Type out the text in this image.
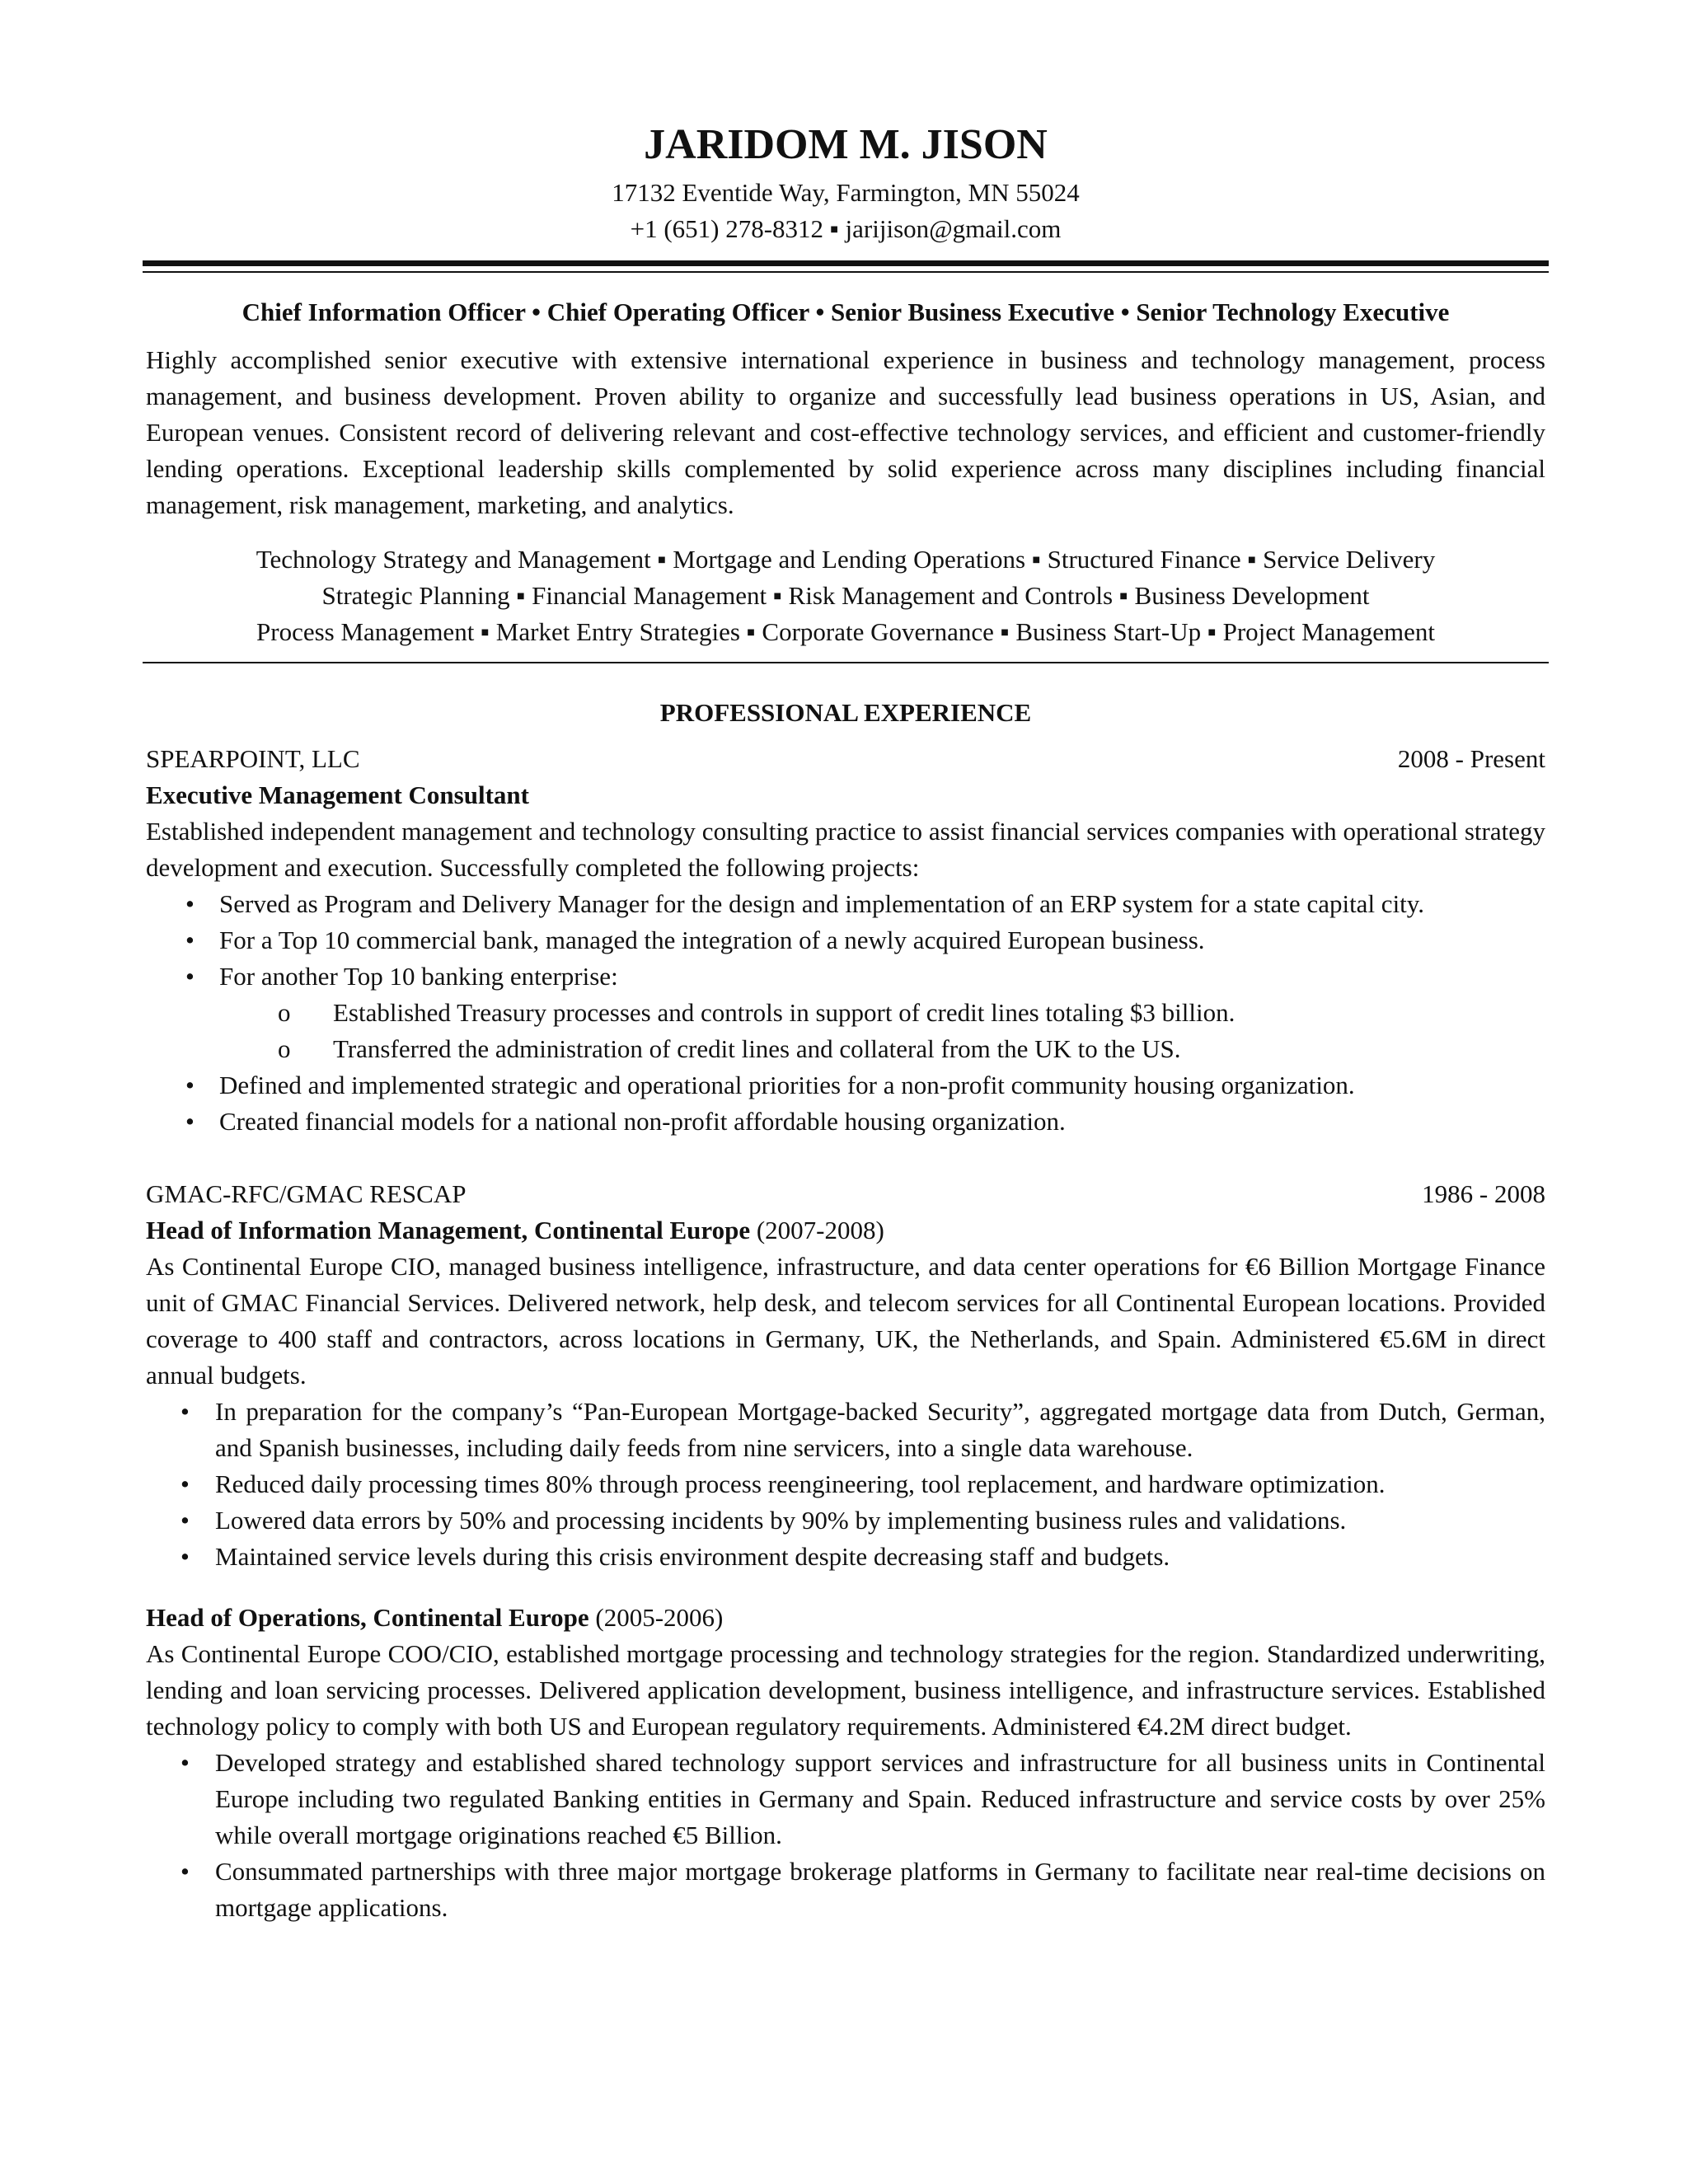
JARIDOM M. JISON
17132 Eventide Way, Farmington, MN 55024
+1 (651) 278-8312 ▪ jarijison@gmail.com
Chief Information Officer • Chief Operating Officer • Senior Business Executive • Senior Technology Executive

Highly accomplished senior executive with extensive international experience in business and technology management, process management, and business development. Proven ability to organize and successfully lead business operations in US, Asian, and European venues. Consistent record of delivering relevant and cost-effective technology services, and efficient and customer-friendly lending operations. Exceptional leadership skills complemented by solid experience across many disciplines including financial management, risk management, marketing, and analytics.

Technology Strategy and Management ▪ Mortgage and Lending Operations ▪ Structured Finance ▪ Service Delivery
Strategic Planning ▪ Financial Management ▪ Risk Management and Controls ▪ Business Development
Process Management ▪ Market Entry Strategies ▪ Corporate Governance ▪ Business Start-Up ▪ Project Management
PROFESSIONAL EXPERIENCE
SPEARPOINT, LLC	2008 - Present
Executive Management Consultant

Established independent management and technology consulting practice to assist financial services companies with operational strategy development and execution. Successfully completed the following projects:

• Served as Program and Delivery Manager for the design and implementation of an ERP system for a state capital city.
• For a Top 10 commercial bank, managed the integration of a newly acquired European business.
• For another Top 10 banking enterprise:
o Established Treasury processes and controls in support of credit lines totaling $3 billion.
o Transferred the administration of credit lines and collateral from the UK to the US.
• Defined and implemented strategic and operational priorities for a non-profit community housing organization.
• Created financial models for a national non-profit affordable housing organization.
GMAC-RFC/GMAC RESCAP	1986 - 2008
Head of Information Management, Continental Europe (2007-2008)

As Continental Europe CIO, managed business intelligence, infrastructure, and data center operations for €6 Billion Mortgage Finance unit of GMAC Financial Services. Delivered network, help desk, and telecom services for all Continental European locations. Provided coverage to 400 staff and contractors, across locations in Germany, UK, the Netherlands, and Spain. Administered €5.6M in direct annual budgets.

• In preparation for the company’s “Pan-European Mortgage-backed Security”, aggregated mortgage data from Dutch, German, and Spanish businesses, including daily feeds from nine servicers, into a single data warehouse.
• Reduced daily processing times 80% through process reengineering, tool replacement, and hardware optimization.
• Lowered data errors by 50% and processing incidents by 90% by implementing business rules and validations.
• Maintained service levels during this crisis environment despite decreasing staff and budgets.
Head of Operations, Continental Europe (2005-2006)

As Continental Europe COO/CIO, established mortgage processing and technology strategies for the region. Standardized underwriting, lending and loan servicing processes. Delivered application development, business intelligence, and infrastructure services. Established technology policy to comply with both US and European regulatory requirements. Administered €4.2M direct budget.

• Developed strategy and established shared technology support services and infrastructure for all business units in Continental Europe including two regulated Banking entities in Germany and Spain. Reduced infrastructure and service costs by over 25% while overall mortgage originations reached €5 Billion.
• Consummated partnerships with three major mortgage brokerage platforms in Germany to facilitate near real-time decisions on mortgage applications.
